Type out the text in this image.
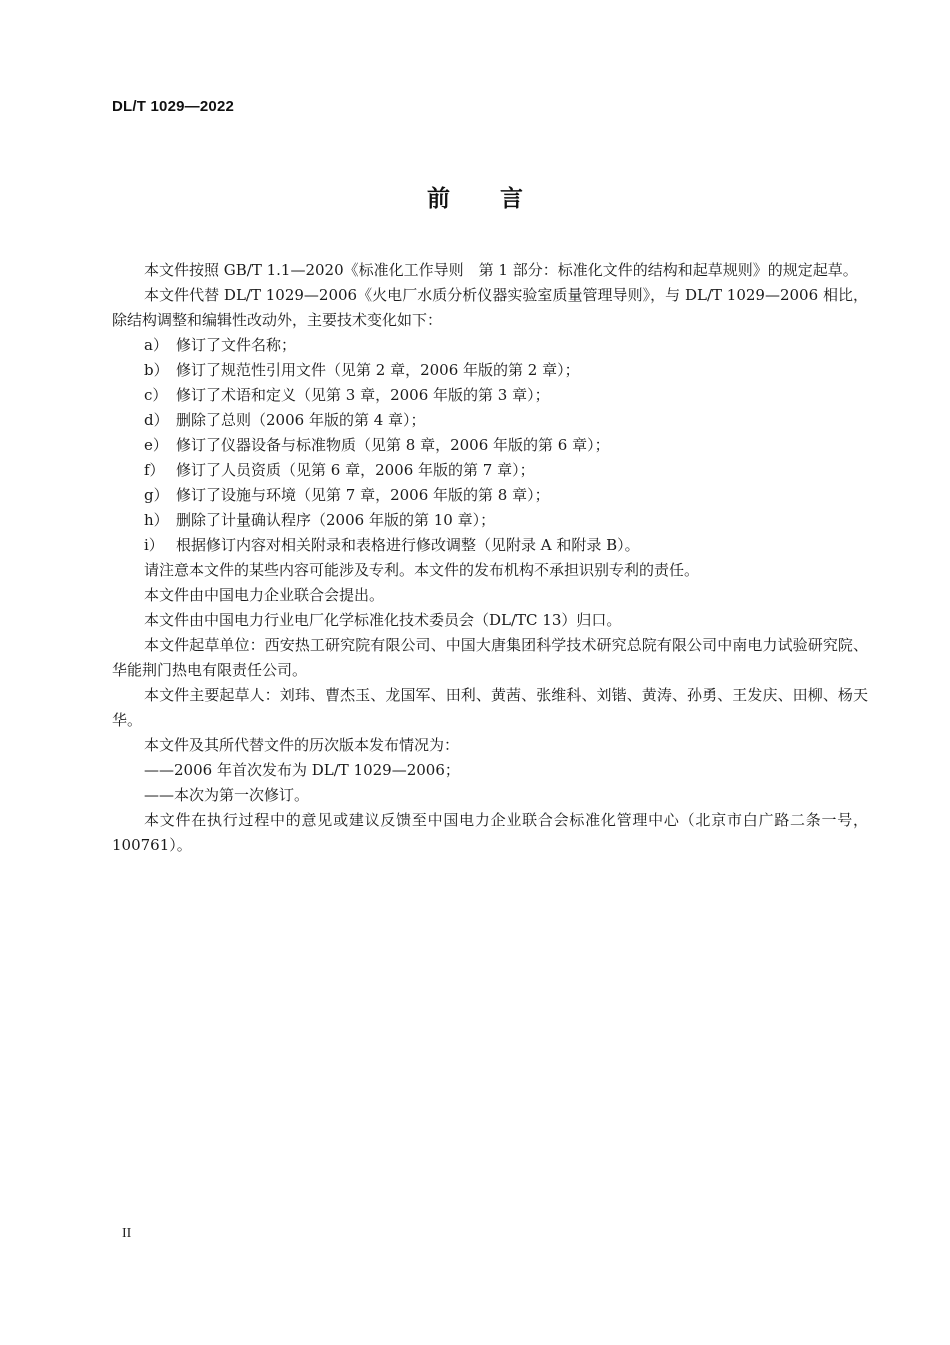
DL/T 1029—2022
前言

本文件按照 GB/T 1.1—2020《标准化工作导则　第 1 部分：标准化文件的结构和起草规则》的规定起草。

本文件代替 DL/T 1029—2006《火电厂水质分析仪器实验室质量管理导则》，与 DL/T 1029—2006 相比，除结构调整和编辑性改动外，主要技术变化如下：

a） 修订了文件名称；

b） 修订了规范性引用文件（见第 2 章，2006 年版的第 2 章）；

c） 修订了术语和定义（见第 3 章，2006 年版的第 3 章）；

d） 删除了总则（2006 年版的第 4 章）；

e） 修订了仪器设备与标准物质（见第 8 章，2006 年版的第 6 章）；

f） 修订了人员资质（见第 6 章，2006 年版的第 7 章）；

g） 修订了设施与环境（见第 7 章，2006 年版的第 8 章）；

h） 删除了计量确认程序（2006 年版的第 10 章）；

i） 根据修订内容对相关附录和表格进行修改调整（见附录 A 和附录 B）。

请注意本文件的某些内容可能涉及专利。本文件的发布机构不承担识别专利的责任。

本文件由中国电力企业联合会提出。

本文件由中国电力行业电厂化学标准化技术委员会（DL/TC 13）归口。

本文件起草单位：西安热工研究院有限公司、中国大唐集团科学技术研究总院有限公司中南电力试验研究院、华能荆门热电有限责任公司。

本文件主要起草人：刘玮、曹杰玉、龙国军、田利、黄茜、张维科、刘锴、黄涛、孙勇、王发庆、田柳、杨天华。

本文件及其所代替文件的历次版本发布情况为：

——2006 年首次发布为 DL/T 1029—2006；

——本次为第一次修订。

本文件在执行过程中的意见或建议反馈至中国电力企业联合会标准化管理中心（北京市白广路二条一号，100761）。

II
